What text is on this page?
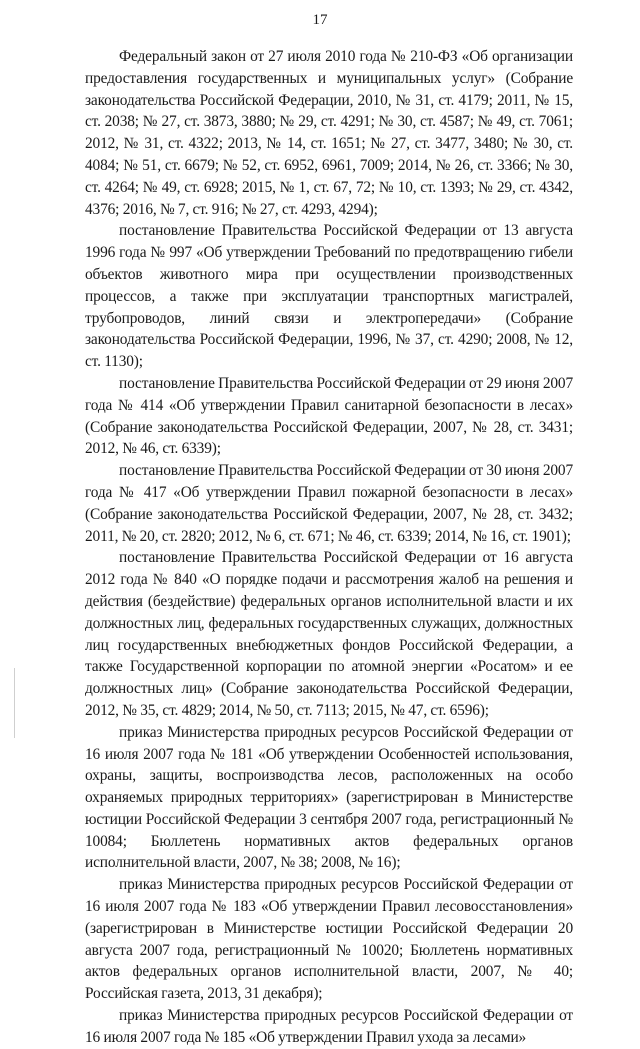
17

Федеральный закон от 27 июля 2010 года № 210-ФЗ «Об организации предоставления государственных и муниципальных услуг» (Собрание законодательства Российской Федерации, 2010, № 31, ст. 4179; 2011, № 15, ст. 2038; № 27, ст. 3873, 3880; № 29, ст. 4291; № 30, ст. 4587; № 49, ст. 7061; 2012, № 31, ст. 4322; 2013, № 14, ст. 1651; № 27, ст. 3477, 3480; № 30, ст. 4084; № 51, ст. 6679; № 52, ст. 6952, 6961, 7009; 2014, № 26, ст. 3366; № 30, ст. 4264; № 49, ст. 6928; 2015, № 1, ст. 67, 72; № 10, ст. 1393; № 29, ст. 4342, 4376; 2016, № 7, ст. 916; № 27, ст. 4293, 4294);

постановление Правительства Российской Федерации от 13 августа 1996 года № 997 «Об утверждении Требований по предотвращению гибели объектов животного мира при осуществлении производственных процессов, а также при эксплуатации транспортных магистралей, трубопроводов, линий связи и электропередачи» (Собрание законодательства Российской Федерации, 1996, № 37, ст. 4290; 2008, № 12, ст. 1130);

постановление Правительства Российской Федерации от 29 июня 2007 года № 414 «Об утверждении Правил санитарной безопасности в лесах» (Собрание законодательства Российской Федерации, 2007, № 28, ст. 3431; 2012, № 46, ст. 6339);

постановление Правительства Российской Федерации от 30 июня 2007 года № 417 «Об утверждении Правил пожарной безопасности в лесах» (Собрание законодательства Российской Федерации, 2007, № 28, ст. 3432; 2011, № 20, ст. 2820; 2012, № 6, ст. 671; № 46, ст. 6339; 2014, № 16, ст. 1901);

постановление Правительства Российской Федерации от 16 августа 2012 года № 840 «О порядке подачи и рассмотрения жалоб на решения и действия (бездействие) федеральных органов исполнительной власти и их должностных лиц, федеральных государственных служащих, должностных лиц государственных внебюджетных фондов Российской Федерации, а также Государственной корпорации по атомной энергии «Росатом» и ее должностных лиц» (Собрание законодательства Российской Федерации, 2012, № 35, ст. 4829; 2014, № 50, ст. 7113; 2015, № 47, ст. 6596);

приказ Министерства природных ресурсов Российской Федерации от 16 июля 2007 года № 181 «Об утверждении Особенностей использования, охраны, защиты, воспроизводства лесов, расположенных на особо охраняемых природных территориях» (зарегистрирован в Министерстве юстиции Российской Федерации 3 сентября 2007 года, регистрационный № 10084; Бюллетень нормативных актов федеральных органов исполнительной власти, 2007, № 38; 2008, № 16);

приказ Министерства природных ресурсов Российской Федерации от 16 июля 2007 года № 183 «Об утверждении Правил лесовосстановления» (зарегистрирован в Министерстве юстиции Российской Федерации 20 августа 2007 года, регистрационный № 10020; Бюллетень нормативных актов федеральных органов исполнительной власти, 2007, № 40; Российская газета, 2013, 31 декабря);

приказ Министерства природных ресурсов Российской Федерации от 16 июля 2007 года № 185 «Об утверждении Правил ухода за лесами»
